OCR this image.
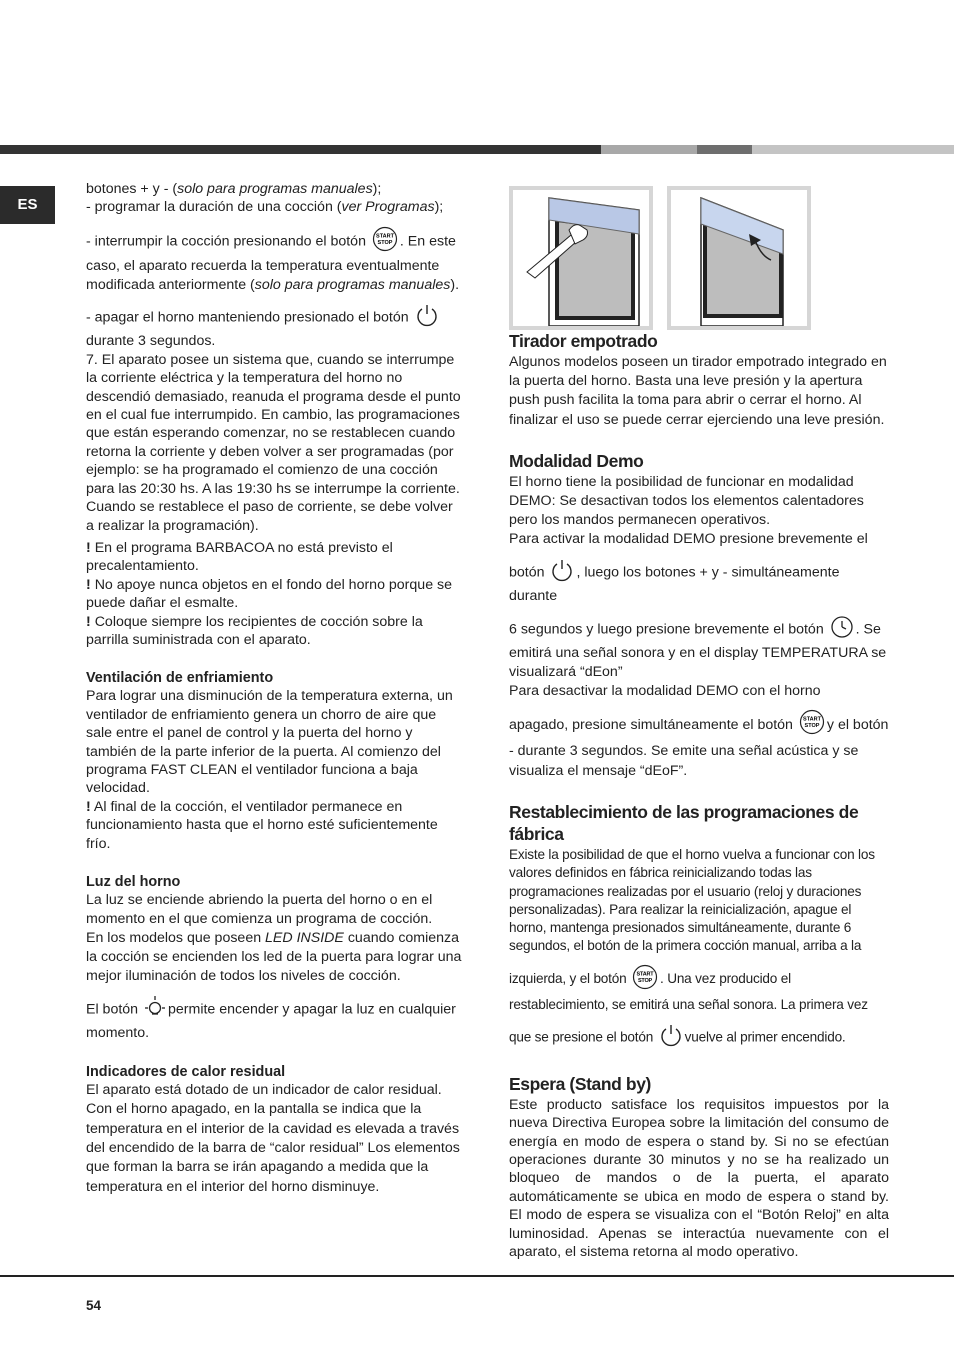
ES

botones + y - (solo para programas manuales);

- programar la duración de una cocción (ver Programas);

- interrumpir la cocción presionando el botón START
STOP . En este caso, el aparato recuerda la temperatura eventualmente modificada anteriormente (solo para programas manuales).

- apagar el horno manteniendo presionado el botón
durante 3 segundos.

7. El aparato posee un sistema que, cuando se interrumpe la corriente eléctrica y la temperatura del horno no descendió demasiado, reanuda el programa desde el punto en el cual fue interrumpido. En cambio, las programaciones que están esperando comenzar, no se restablecen cuando retorna la corriente y deben volver a ser programadas (por ejemplo: se ha programado el comienzo de una cocción para las 20:30 hs. A las 19:30 hs se interrumpe la corriente. Cuando se restablece el paso de corriente, se debe volver a realizar la programación).

! En el programa BARBACOA no está previsto el precalentamiento.

! No apoye nunca objetos en el fondo del horno porque se puede dañar el esmalte.

! Coloque siempre los recipientes de cocción sobre la parrilla suministrada con el aparato.

Ventilación de enfriamiento

Para lograr una disminución de la temperatura externa, un ventilador de enfriamiento genera un chorro de aire que sale entre el panel de control y la puerta del horno y también de la parte inferior de la puerta. Al comienzo del programa FAST CLEAN el ventilador funciona a baja velocidad.

! Al final de la cocción, el ventilador permanece en funcionamiento hasta que el horno esté suficientemente frío.

Luz del horno

La luz se enciende abriendo la puerta del horno o en el momento en el que comienza un programa de cocción.

En los modelos que poseen LED INSIDE cuando comienza la cocción se encienden los led de la puerta para lograr una mejor iluminación de todos los niveles de cocción.

El botón permite encender y apagar la luz en cualquier momento.

Indicadores de calor residual

El aparato está dotado de un indicador de calor residual. Con el horno apagado, en la pantalla se indica que la temperatura en el interior de la cavidad es elevada a través del encendido de la barra de “calor residual” Los elementos que forman la barra se irán apagando a medida que la temperatura en el interior del horno disminuye.

Tirador empotrado

Algunos modelos poseen un tirador empotrado integrado en la puerta del horno. Basta una leve presión y la apertura push push facilita la toma para abrir o cerrar el horno. Al finalizar el uso se puede cerrar ejerciendo una leve presión.

Modalidad Demo

El horno tiene la posibilidad de funcionar en modalidad DEMO: Se desactivan todos los elementos calentadores pero los mandos permanecen operativos.

Para activar la modalidad DEMO presione brevemente el

botón , luego los botones + y - simultáneamente durante

6 segundos y luego presione brevemente el botón . Se emitirá una señal sonora y en el display TEMPERATURA se visualizará “dEon”

Para desactivar la modalidad DEMO con el horno

apagado, presione simultáneamente el botón START
STOP y el botón - durante 3 segundos. Se emite una señal acústica y se visualiza el mensaje “dEoF”.

Restablecimiento de las programaciones de fábrica

Existe la posibilidad de que el horno vuelva a funcionar con los valores definidos en fábrica reinicializando todas las programaciones realizadas por el usuario (reloj y duraciones personalizadas). Para realizar la reinicialización, apague el horno, mantenga presionados simultáneamente, durante 6 segundos, el botón de la primera cocción manual, arriba a la

izquierda, y el botón START
STOP . Una vez producido el restablecimiento, se emitirá una señal sonora. La primera vez

que se presione el botón vuelve al primer encendido.

Espera (Stand by)

Este producto satisface los requisitos impuestos por la nueva Directiva Europea sobre la limitación del consumo de energía en modo de espera o stand by. Si no se efectúan operaciones durante 30 minutos y no se ha realizado un bloqueo de mandos o de la puerta, el aparato automáticamente se ubica en modo de espera o stand by. El modo de espera se visualiza con el “Botón Reloj” en alta luminosidad. Apenas se interactúa nuevamente con el aparato, el sistema retorna al modo operativo.

54
